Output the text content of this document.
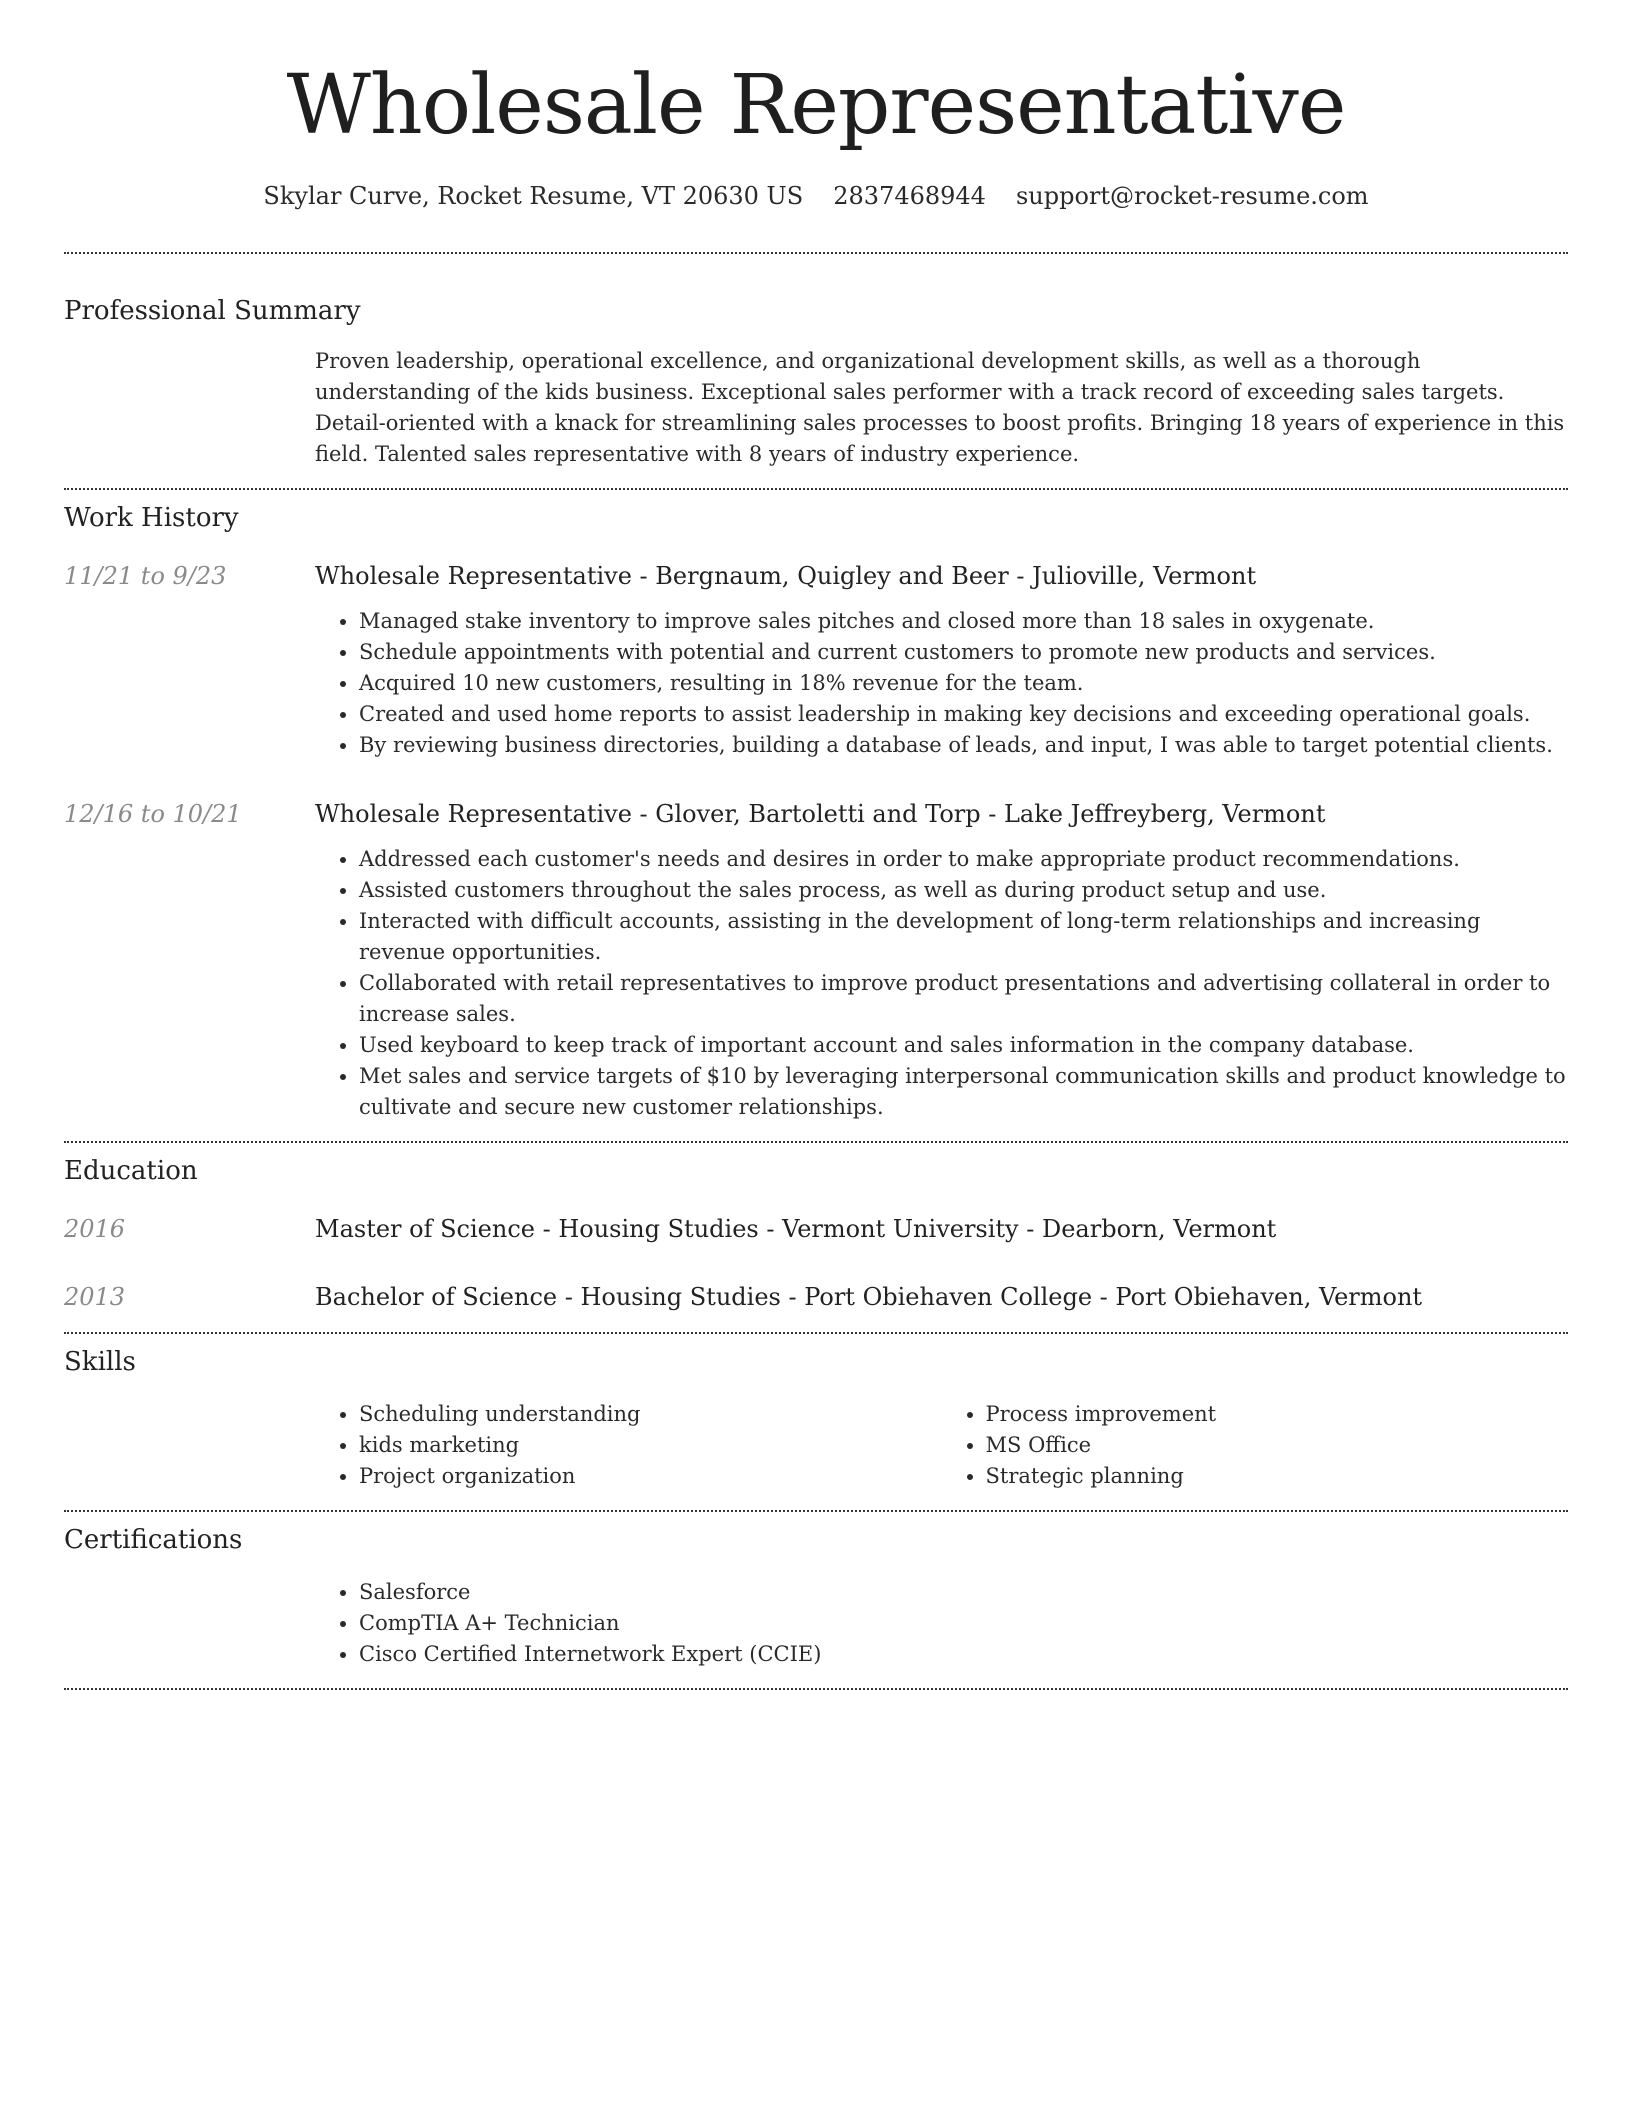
Wholesale Representative
Skylar Curve, Rocket Resume, VT 20630 US 2837468944 support@rocket-resume.com
Professional Summary

Proven leadership, operational excellence, and organizational development skills, as well as a thorough understanding of the kids business. Exceptional sales performer with a track record of exceeding sales targets. Detail-oriented with a knack for streamlining sales processes to boost profits. Bringing 18 years of experience in this field. Talented sales representative with 8 years of industry experience.

Work History
11/21 to 9/23	Wholesale Representative - Bergnaum, Quigley and Beer - Julioville, Vermont
• Managed stake inventory to improve sales pitches and closed more than 18 sales in oxygenate.
• Schedule appointments with potential and current customers to promote new products and services.
• Acquired 10 new customers, resulting in 18% revenue for the team.
• Created and used home reports to assist leadership in making key decisions and exceeding operational goals.
• By reviewing business directories, building a database of leads, and input, I was able to target potential clients.
12/16 to 10/21	Wholesale Representative - Glover, Bartoletti and Torp - Lake Jeffreyberg, Vermont
• Addressed each customer's needs and desires in order to make appropriate product recommendations.
• Assisted customers throughout the sales process, as well as during product setup and use.
• Interacted with difficult accounts, assisting in the development of long-term relationships and increasing revenue opportunities.
• Collaborated with retail representatives to improve product presentations and advertising collateral in order to increase sales.
• Used keyboard to keep track of important account and sales information in the company database.
• Met sales and service targets of $10 by leveraging interpersonal communication skills and product knowledge to cultivate and secure new customer relationships.
Education
2016	Master of Science - Housing Studies - Vermont University - Dearborn, Vermont
2013	Bachelor of Science - Housing Studies - Port Obiehaven College - Port Obiehaven, Vermont
Skills
• Scheduling understanding
• kids marketing
• Project organization
• Process improvement
• MS Office
• Strategic planning
Certifications
• Salesforce
• CompTIA A+ Technician
• Cisco Certified Internetwork Expert (CCIE)
